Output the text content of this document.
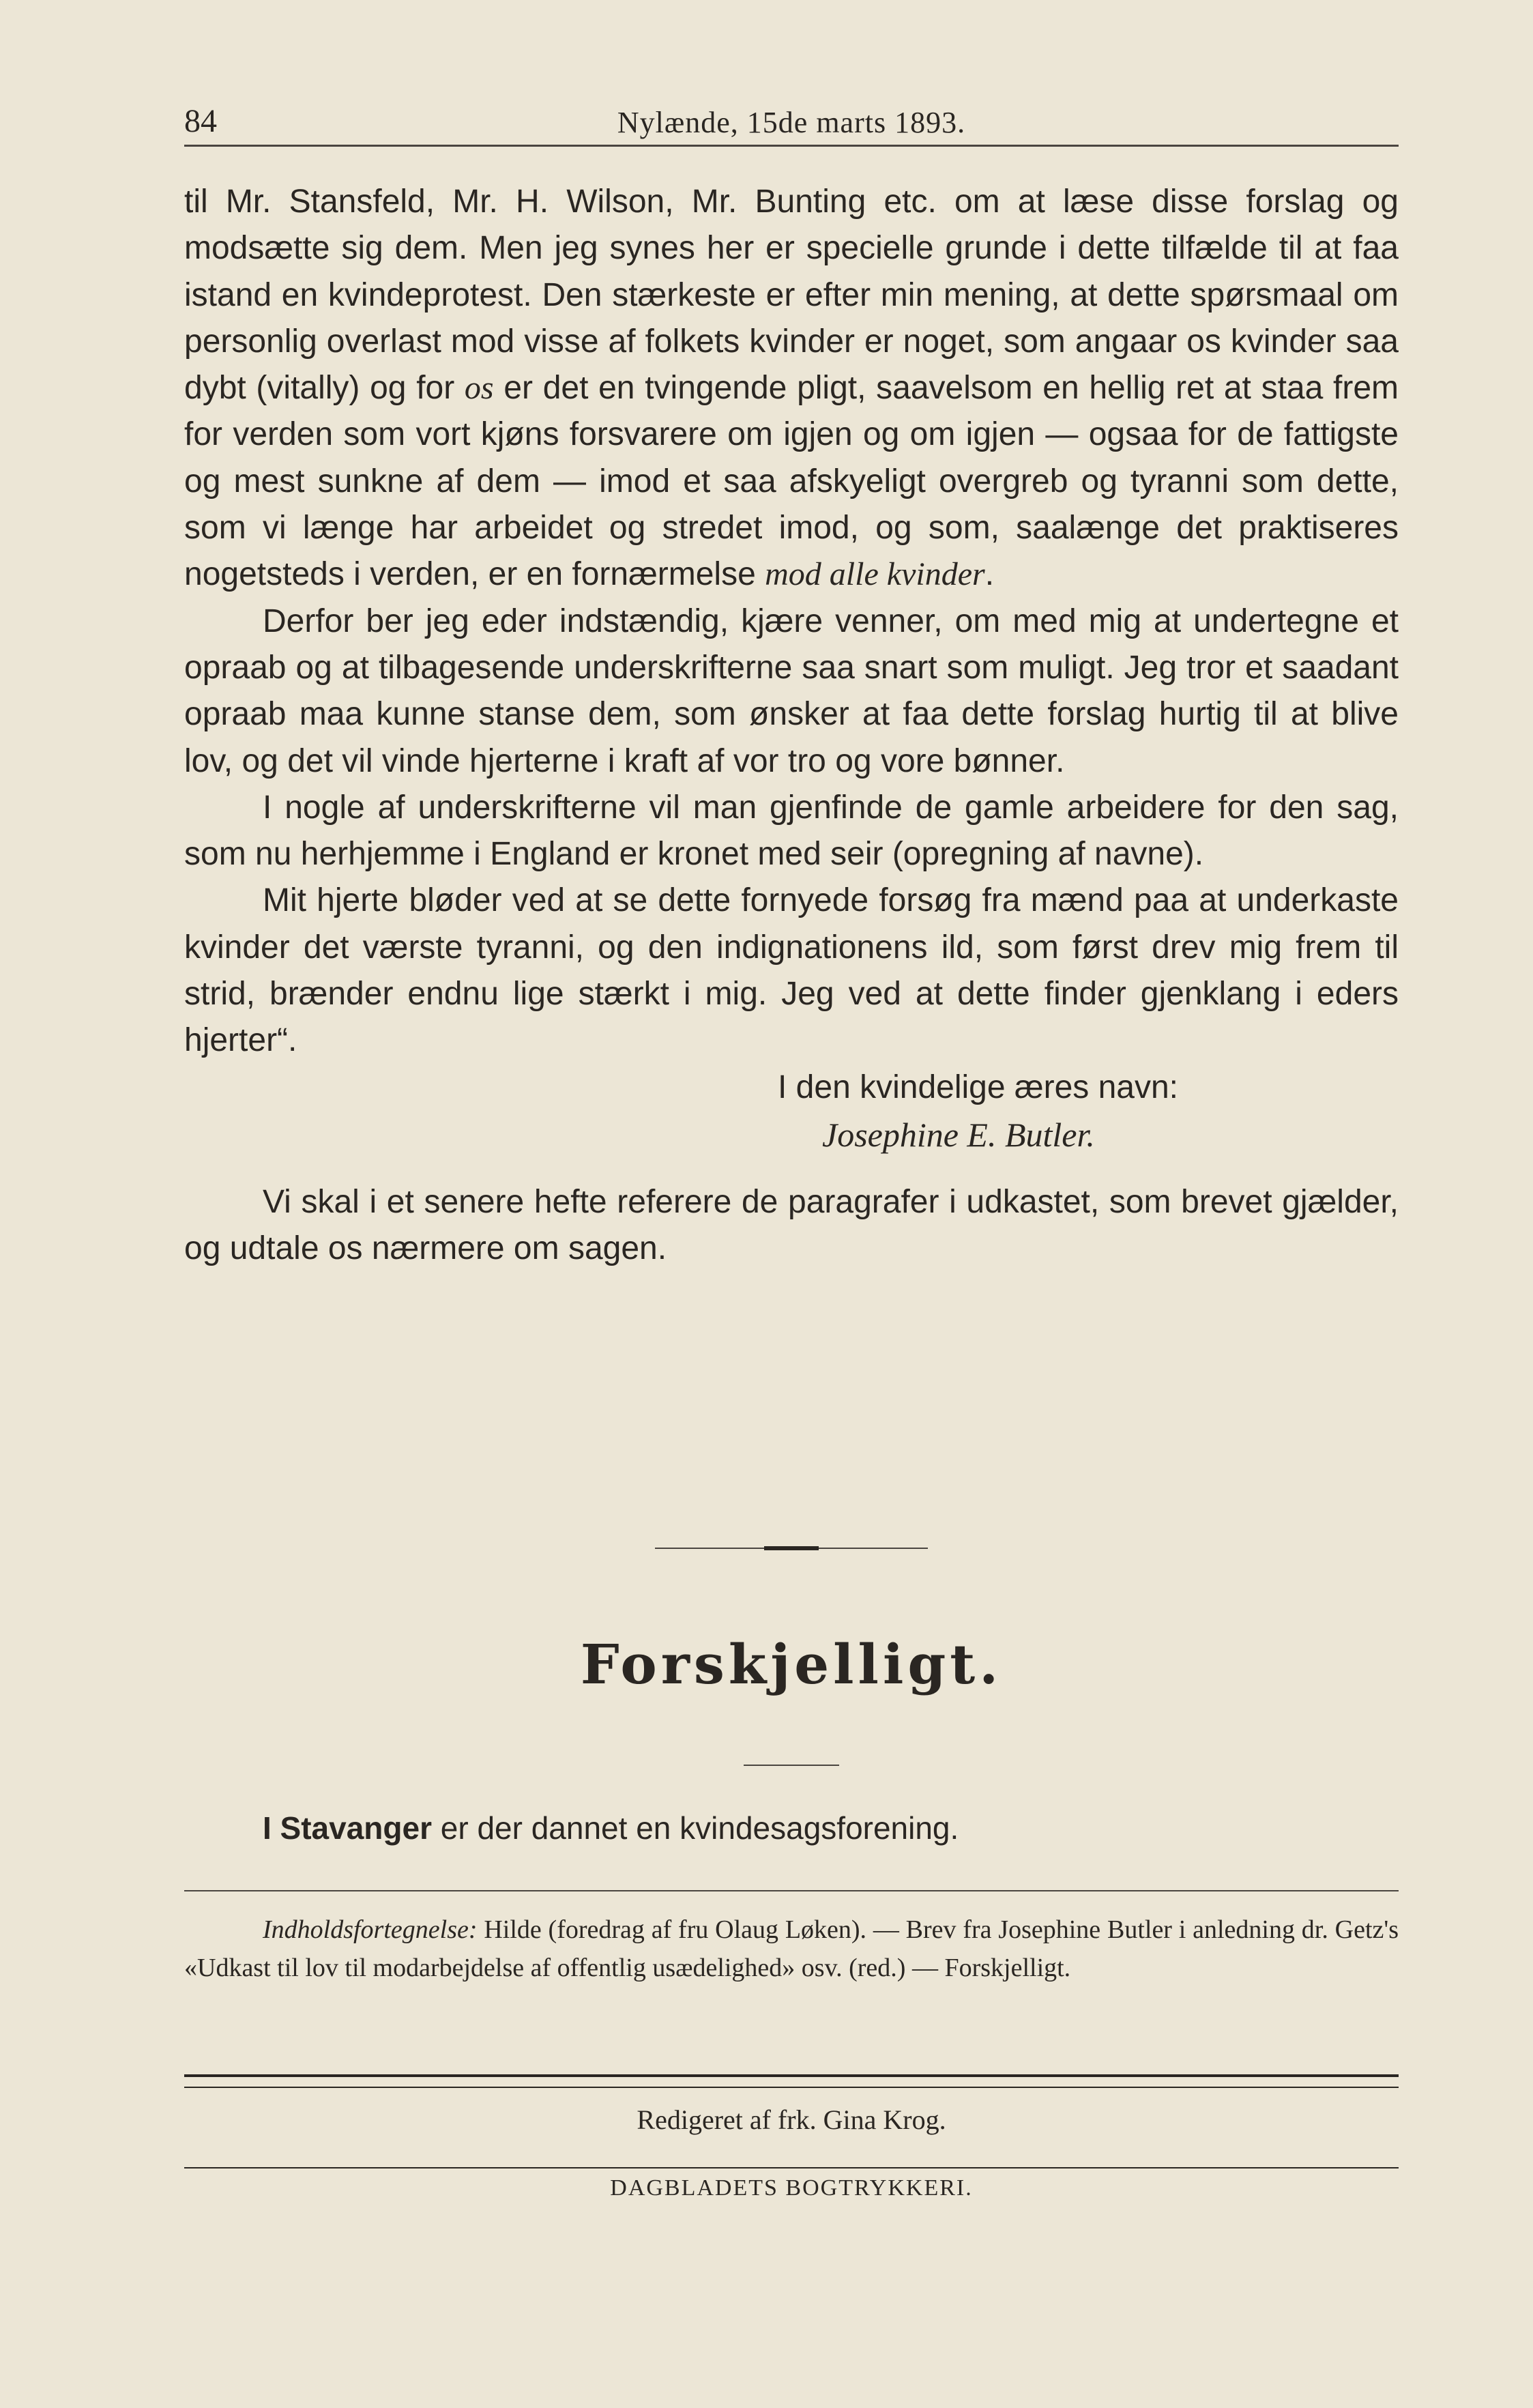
84	Nylænde, 15de marts 1893.

til Mr. Stansfeld, Mr. H. Wilson, Mr. Bunting etc. om at læse disse forslag og modsætte sig dem. Men jeg synes her er specielle grunde i dette tilfælde til at faa istand en kvindeprotest. Den stærkeste er efter min mening, at dette spørsmaal om personlig overlast mod visse af folkets kvinder er noget, som angaar os kvinder saa dybt (vitally) og for os er det en tvingende pligt, saavelsom en hellig ret at staa frem for verden som vort kjøns forsvarere om igjen og om igjen — ogsaa for de fattigste og mest sunkne af dem — imod et saa afskyeligt overgreb og tyranni som dette, som vi længe har arbeidet og stredet imod, og som, saalænge det praktiseres nogetsteds i verden, er en fornærmelse mod alle kvinder.

Derfor ber jeg eder indstændig, kjære venner, om med mig at undertegne et opraab og at tilbagesende underskrifterne saa snart som muligt. Jeg tror et saadant opraab maa kunne stanse dem, som ønsker at faa dette forslag hurtig til at blive lov, og det vil vinde hjerterne i kraft af vor tro og vore bønner.

I nogle af underskrifterne vil man gjenfinde de gamle arbeidere for den sag, som nu herhjemme i England er kronet med seir (opregning af navne).

Mit hjerte bløder ved at se dette fornyede forsøg fra mænd paa at underkaste kvinder det værste tyranni, og den indignationens ild, som først drev mig frem til strid, brænder endnu lige stærkt i mig. Jeg ved at dette finder gjenklang i eders hjerter“.

I den kvindelige æres navn:
Josephine E. Butler.

Vi skal i et senere hefte referere de paragrafer i udkastet, som brevet gjælder, og udtale os nærmere om sagen.

Forskjelligt.
I Stavanger er der dannet en kvindesagsforening.
Indholdsfortegnelse: Hilde (foredrag af fru Olaug Løken). — Brev fra Josephine Butler i anledning dr. Getz's «Udkast til lov til modarbejdelse af offentlig usædelighed» osv. (red.) — Forskjelligt.
Redigeret af frk. Gina Krog.
DAGBLADETS BOGTRYKKERI.
